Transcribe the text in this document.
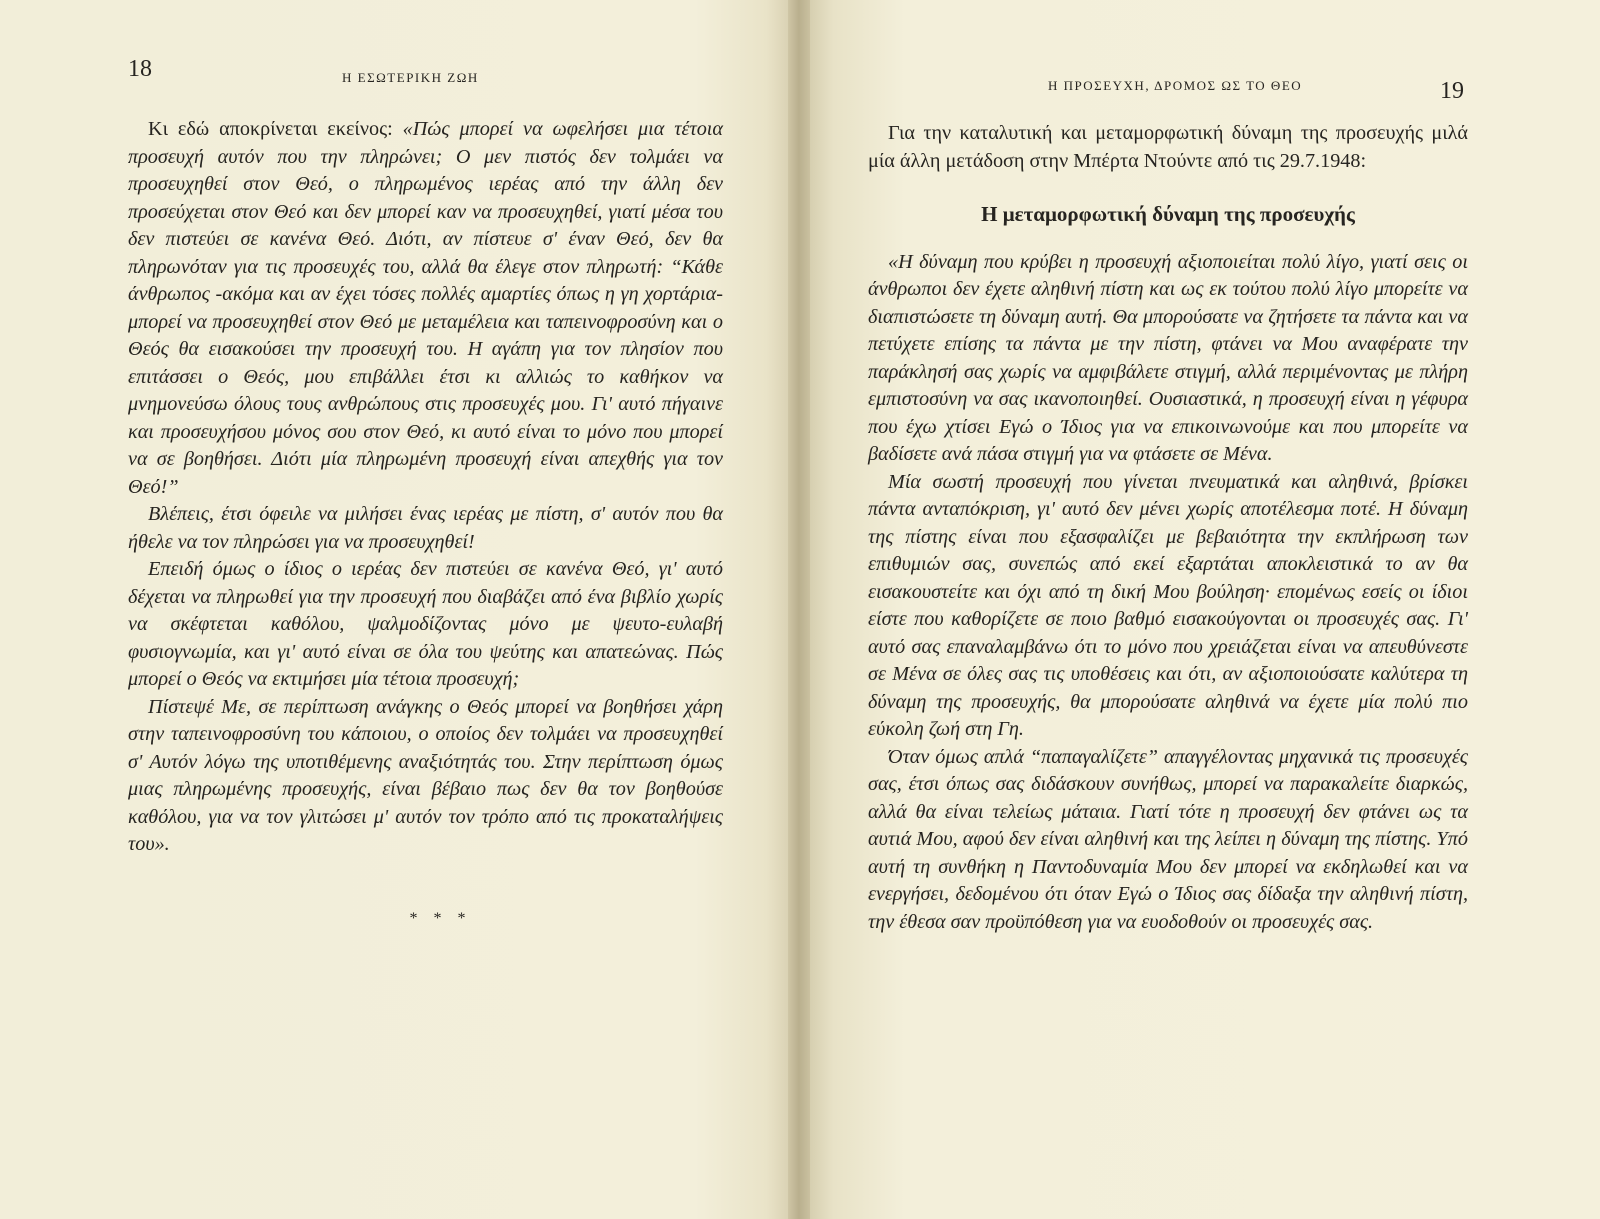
18	Η ΕΣΩΤΕΡΙΚΗ ΖΩΗ

Κι εδώ αποκρίνεται εκείνος: «Πώς μπορεί να ωφελήσει μια τέτοια προσευχή αυτόν που την πληρώνει; Ο μεν πιστός δεν τολμάει να προσευχηθεί στον Θεό, ο πληρωμένος ιερέας από την άλλη δεν προσεύχεται στον Θεό και δεν μπορεί καν να προσευχηθεί, γιατί μέσα του δεν πιστεύει σε κανένα Θεό. Διότι, αν πίστευε σ' έναν Θεό, δεν θα πληρωνόταν για τις προσευχές του, αλλά θα έλεγε στον πληρωτή: “Κάθε άνθρωπος -ακόμα και αν έχει τόσες πολλές αμαρτίες όπως η γη χορτάρια- μπορεί να προσευχηθεί στον Θεό με μεταμέλεια και ταπεινοφροσύνη και ο Θεός θα εισακούσει την προσευχή του. Η αγάπη για τον πλησίον που επιτάσσει ο Θεός, μου επιβάλλει έτσι κι αλλιώς το καθήκον να μνημονεύσω όλους τους ανθρώπους στις προσευχές μου. Γι' αυτό πήγαινε και προσευχήσου μόνος σου στον Θεό, κι αυτό είναι το μόνο που μπορεί να σε βοηθήσει. Διότι μία πληρωμένη προσευχή είναι απεχθής για τον Θεό!”

Βλέπεις, έτσι όφειλε να μιλήσει ένας ιερέας με πίστη, σ' αυτόν που θα ήθελε να τον πληρώσει για να προσευχηθεί!

Επειδή όμως ο ίδιος ο ιερέας δεν πιστεύει σε κανένα Θεό, γι' αυτό δέχεται να πληρωθεί για την προσευχή που διαβάζει από ένα βιβλίο χωρίς να σκέφτεται καθόλου, ψαλμοδίζοντας μόνο με ψευτο-ευλαβή φυσιογνωμία, και γι' αυτό είναι σε όλα του ψεύτης και απατεώνας. Πώς μπορεί ο Θεός να εκτιμήσει μία τέτοια προσευχή;

Πίστεψέ Με, σε περίπτωση ανάγκης ο Θεός μπορεί να βοηθήσει χάρη στην ταπεινοφροσύνη του κάποιου, ο οποίος δεν τολμάει να προσευχηθεί σ' Αυτόν λόγω της υποτιθέμενης αναξιότητάς του. Στην περίπτωση όμως μιας πληρωμένης προσευχής, είναι βέβαιο πως δεν θα τον βοηθούσε καθόλου, για να τον γλιτώσει μ' αυτόν τον τρόπο από τις προκαταλήψεις του».

* * *
Η ΠΡΟΣΕΥΧΗ, ΔΡΟΜΟΣ ΩΣ ΤΟ ΘΕΟ	19

Για την καταλυτική και μεταμορφωτική δύναμη της προσευχής μιλά μία άλλη μετάδοση στην Μπέρτα Ντούντε από τις 29.7.1948:

Η μεταμορφωτική δύναμη της προσευχής

«Η δύναμη που κρύβει η προσευχή αξιοποιείται πολύ λίγο, γιατί σεις οι άνθρωποι δεν έχετε αληθινή πίστη και ως εκ τούτου πολύ λίγο μπορείτε να διαπιστώσετε τη δύναμη αυτή. Θα μπορούσατε να ζητήσετε τα πάντα και να πετύχετε επίσης τα πάντα με την πίστη, φτάνει να Μου αναφέρατε την παράκλησή σας χωρίς να αμφιβάλετε στιγμή, αλλά περιμένοντας με πλήρη εμπιστοσύνη να σας ικανοποιηθεί. Ουσιαστικά, η προσευχή είναι η γέφυρα που έχω χτίσει Εγώ ο Ίδιος για να επικοινωνούμε και που μπορείτε να βαδίσετε ανά πάσα στιγμή για να φτάσετε σε Μένα.

Μία σωστή προσευχή που γίνεται πνευματικά και αληθινά, βρίσκει πάντα ανταπόκριση, γι' αυτό δεν μένει χωρίς αποτέλεσμα ποτέ. Η δύναμη της πίστης είναι που εξασφαλίζει με βεβαιότητα την εκπλήρωση των επιθυμιών σας, συνεπώς από εκεί εξαρτάται αποκλειστικά το αν θα εισακουστείτε και όχι από τη δική Μου βούληση· επομένως εσείς οι ίδιοι είστε που καθορίζετε σε ποιο βαθμό εισακούγονται οι προσευχές σας. Γι' αυτό σας επαναλαμβάνω ότι το μόνο που χρειάζεται είναι να απευθύνεστε σε Μένα σε όλες σας τις υποθέσεις και ότι, αν αξιοποιούσατε καλύτερα τη δύναμη της προσευχής, θα μπορούσατε αληθινά να έχετε μία πολύ πιο εύκολη ζωή στη Γη.

Όταν όμως απλά “παπαγαλίζετε” απαγγέλοντας μηχανικά τις προσευχές σας, έτσι όπως σας διδάσκουν συνήθως, μπορεί να παρακαλείτε διαρκώς, αλλά θα είναι τελείως μάταια. Γιατί τότε η προσευχή δεν φτάνει ως τα αυτιά Μου, αφού δεν είναι αληθινή και της λείπει η δύναμη της πίστης. Υπό αυτή τη συνθήκη η Παντοδυναμία Μου δεν μπορεί να εκδηλωθεί και να ενεργήσει, δεδομένου ότι όταν Εγώ ο Ίδιος σας δίδαξα την αληθινή πίστη, την έθεσα σαν προϋπόθεση για να ευοδοθούν οι προσευχές σας.
